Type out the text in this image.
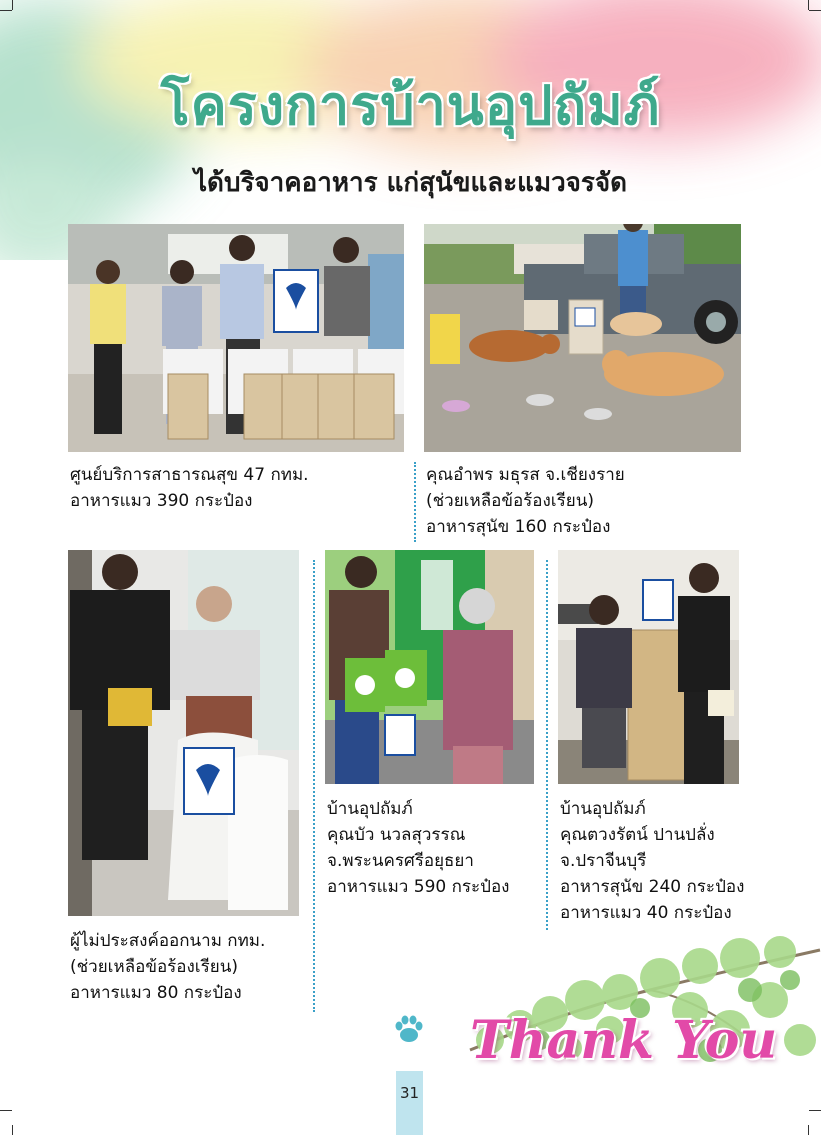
โครงการบ้านอุปถัมภ์
ได้บริจาคอาหาร แก่สุนัขและแมวจรจัด
ศูนย์บริการสาธารณสุข 47 กทม.
อาหารแมว 390 กระป๋อง
คุณอำพร มธุรส จ.เชียงราย
(ช่วยเหลือข้อร้องเรียน)
อาหารสุนัข 160 กระป๋อง
ผู้ไม่ประสงค์ออกนาม กทม.
(ช่วยเหลือข้อร้องเรียน)
อาหารแมว 80 กระป๋อง
บ้านอุปถัมภ์
คุณบัว นวลสุวรรณ
จ.พระนครศรีอยุธยา
อาหารแมว 590 กระป๋อง
บ้านอุปถัมภ์
คุณตวงรัตน์ ปานปลั่ง
จ.ปราจีนบุรี
อาหารสุนัข 240 กระป๋อง
อาหารแมว 40 กระป๋อง
Thank You
31
